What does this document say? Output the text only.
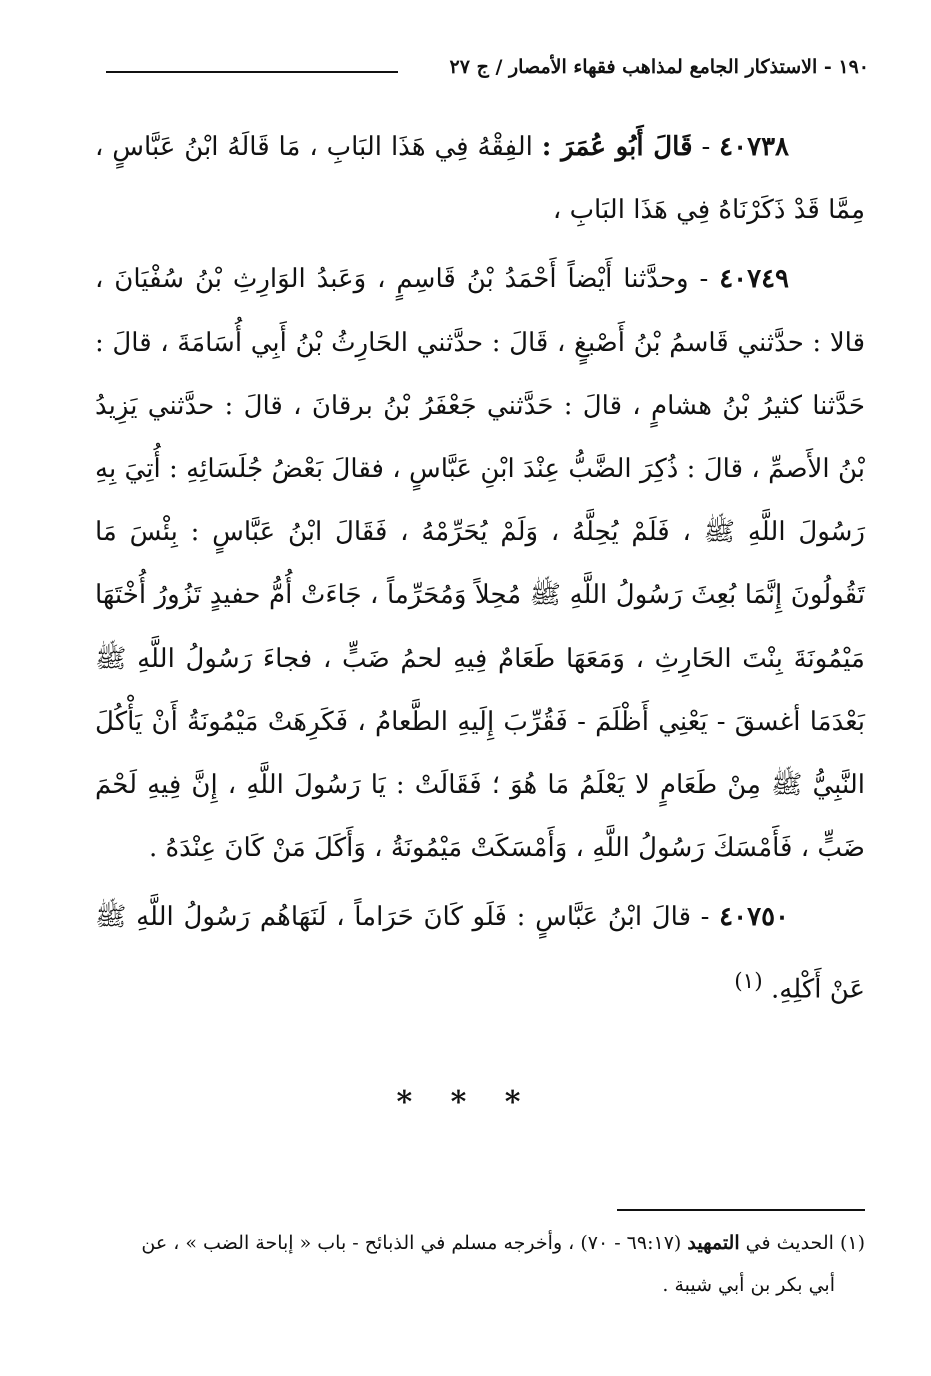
١٩٠ - الاستذكار الجامع لمذاهب فقهاء الأمصار / ج ٢٧

٤٠٧٣٨ - قَالَ أَبُو عُمَرَ : الفِقْهُ فِي هَذَا البَابِ ، مَا قَالَهُ ابْنُ عَبَّاسٍ ، مِمَّا قَدْ ذَكَرْنَاهُ فِي هَذَا البَابِ ،

٤٠٧٤٩ - وحدَّثنا أَيْضاً أَحْمَدُ بْنُ قَاسِمٍ ، وَعَبدُ الوَارِثِ بْنُ سُفْيَانَ ، قالا : حدَّثني قَاسمُ بْنُ أَصْبغٍ ، قَالَ : حدَّثني الحَارِثُ بْنُ أَبِي أُسَامَةَ ، قالَ : حَدَّثنا كثيرُ بْنُ هشامٍ ، قالَ : حَدَّثني جَعْفَرُ بْنُ برقانَ ، قالَ : حدَّثني يَزِيدُ بْنُ الأَصمِّ ، قالَ : ذُكِرَ الضَّبُّ عِنْدَ ابْنِ عَبَّاسٍ ، فقالَ بَعْضُ جُلَسَائِهِ : أُتِيَ بِهِ رَسُولَ اللَّهِ ﷺ ، فَلَمْ يُحِلَّهُ ، وَلَمْ يُحَرِّمْهُ ، فَقَالَ ابْنُ عَبَّاسٍ : بِئْسَ مَا تَقُولُونَ إِنَّمَا بُعِثَ رَسُولُ اللَّهِ ﷺ مُحِلاً وَمُحَرِّماً ، جَاءَتْ أُمُّ حفيدٍ تَزُورُ أُخْتَهَا مَيْمُونَةَ بِنْتَ الحَارِثِ ، وَمَعَهَا طَعَامٌ فِيهِ لحمُ ضَبٍّ ، فجاءَ رَسُولُ اللَّهِ ﷺ بَعْدَمَا أغسقَ - يَعْنِي أَظْلَمَ - فَقُرِّبَ إِلَيهِ الطَّعامُ ، فَكَرِهَتْ مَيْمُونَةُ أَنْ يَأْكُلَ النَّبِيُّ ﷺ مِنْ طَعَامٍ لا يَعْلَمُ مَا هُوَ ؛ فَقَالَتْ : يَا رَسُولَ اللَّهِ ، إِنَّ فِيهِ لَحْمَ ضَبٍّ ، فَأَمْسَكَ رَسُولُ اللَّهِ ، وَأَمْسَكَتْ مَيْمُونَةُ ، وَأَكَلَ مَنْ كَانَ عِنْدَهُ .

٤٠٧٥٠ - قالَ ابْنُ عَبَّاسٍ : فَلَو كَانَ حَرَاماً ، لَنَهَاهُم رَسُولُ اللَّهِ ﷺ عَنْ أَكْلِهِ. $^{(١)}$

* * *
(١) الحديث في التمهيد (٦٩:١٧ - ٧٠) ، وأخرجه مسلم في الذبائح - باب « إباحة الضب » ، عن
أبي بكر بن أبي شيبة .
